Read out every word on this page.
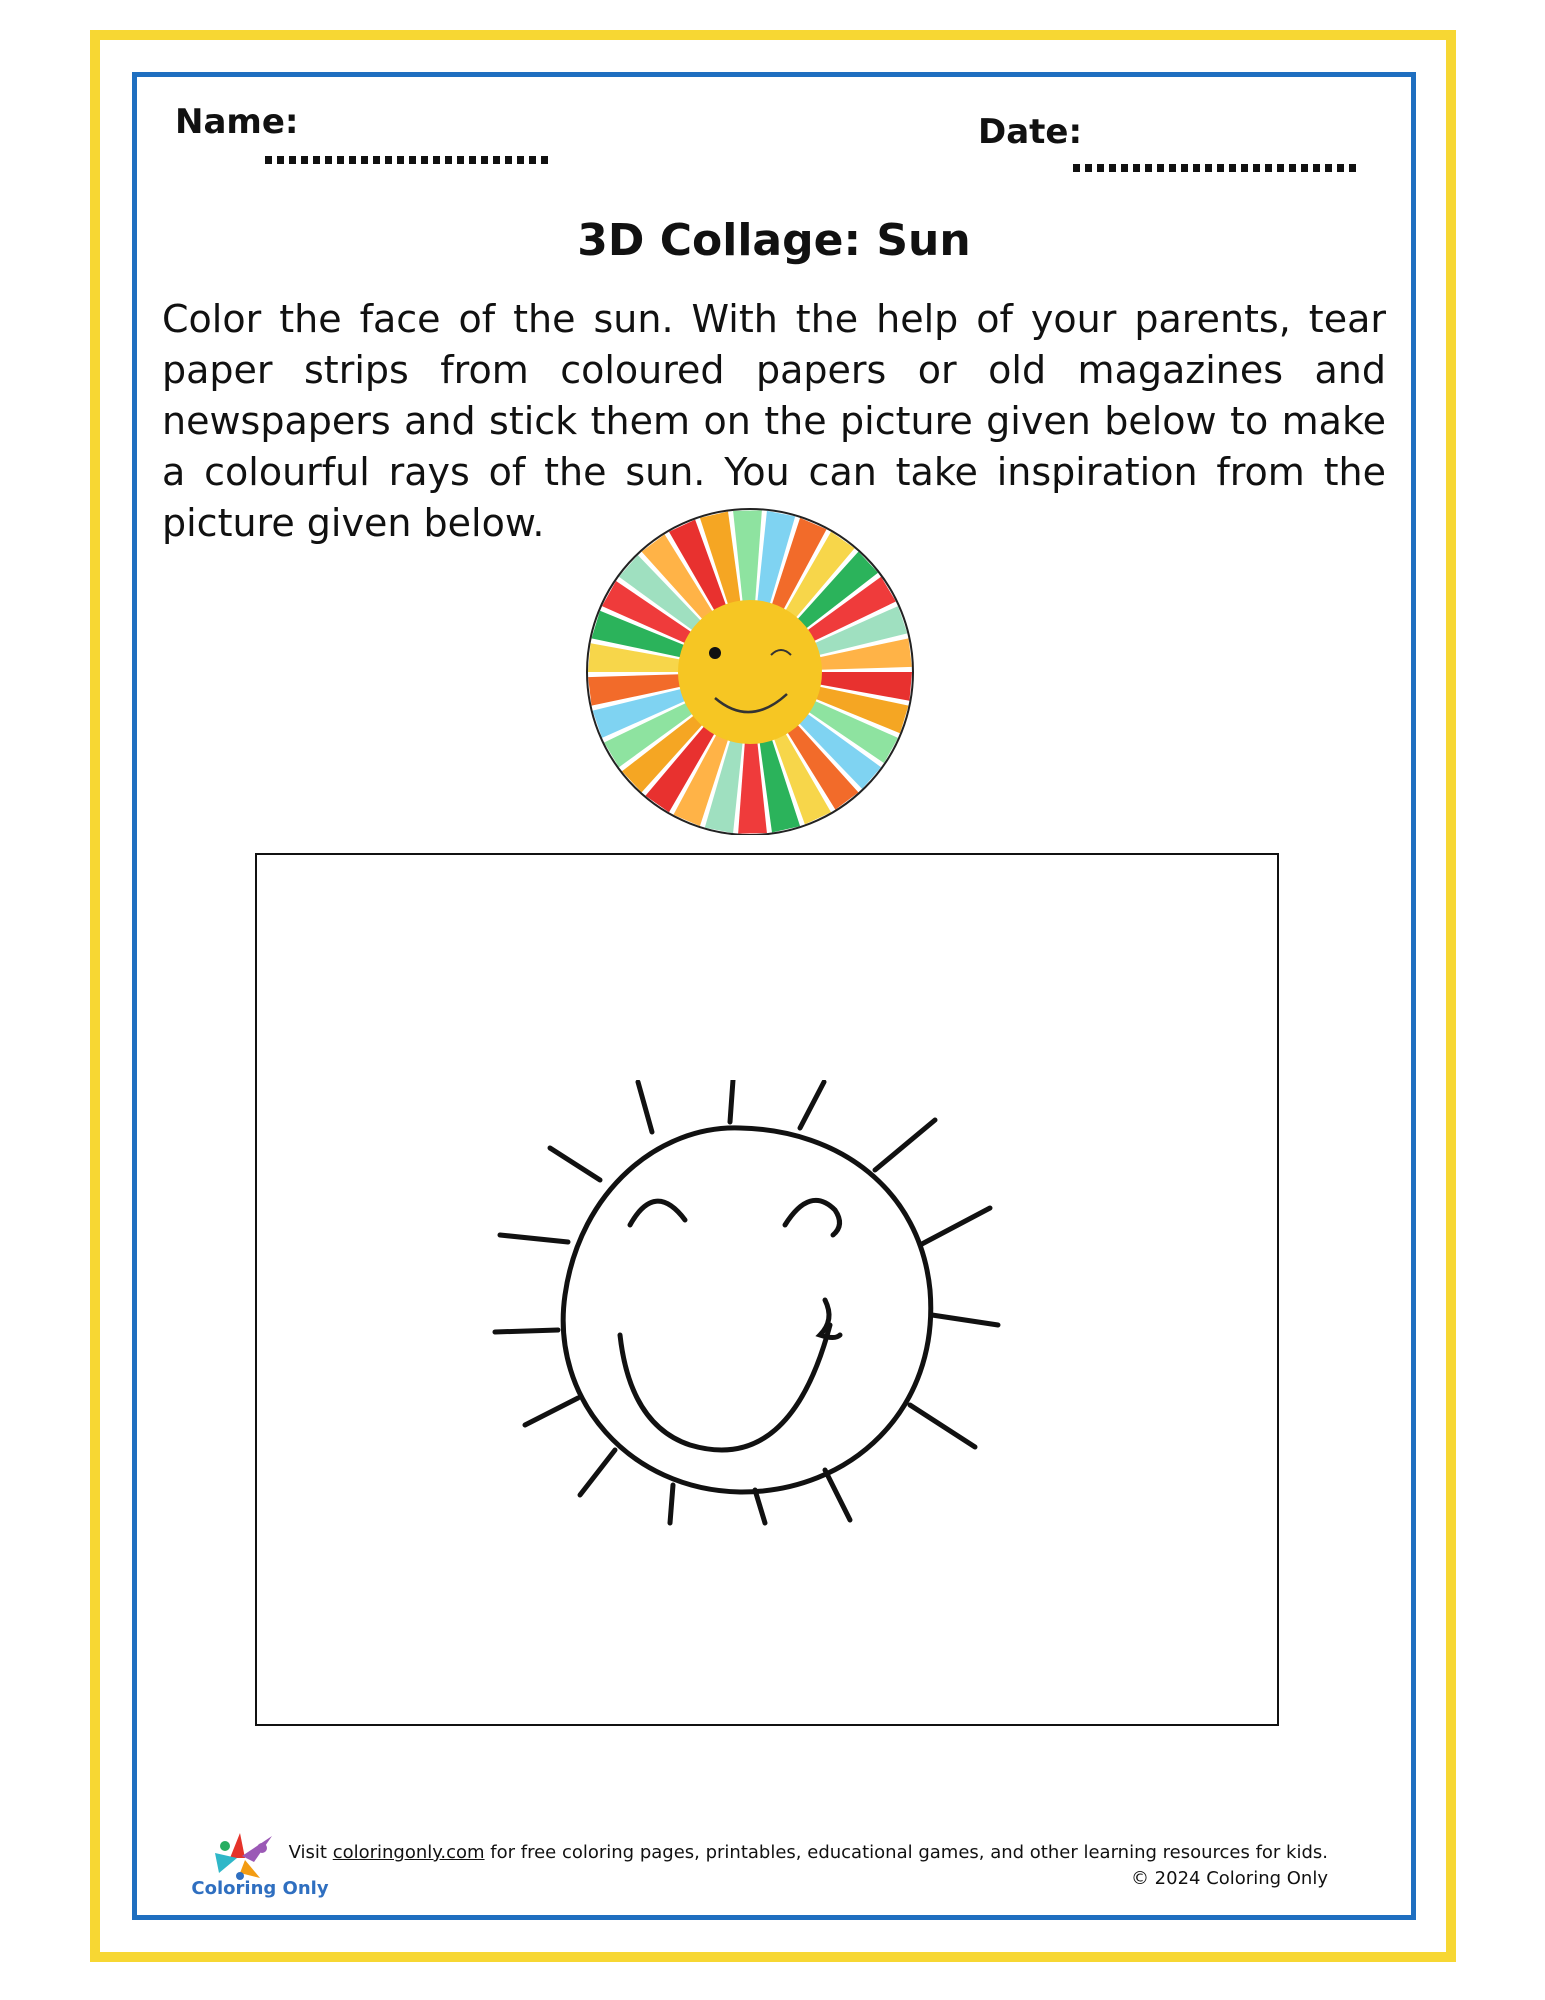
Name:	Date:
3D Collage: Sun

Color the face of the sun. With the help of your parents, tear paper strips from coloured papers or old magazines and newspapers and stick them on the picture given below to make a colourful rays of the sun. You can take inspiration from the picture given below.

Coloring Only
Visit coloringonly.com for free coloring pages, printables, educational games, and other learning resources for kids.
© 2024 Coloring Only
